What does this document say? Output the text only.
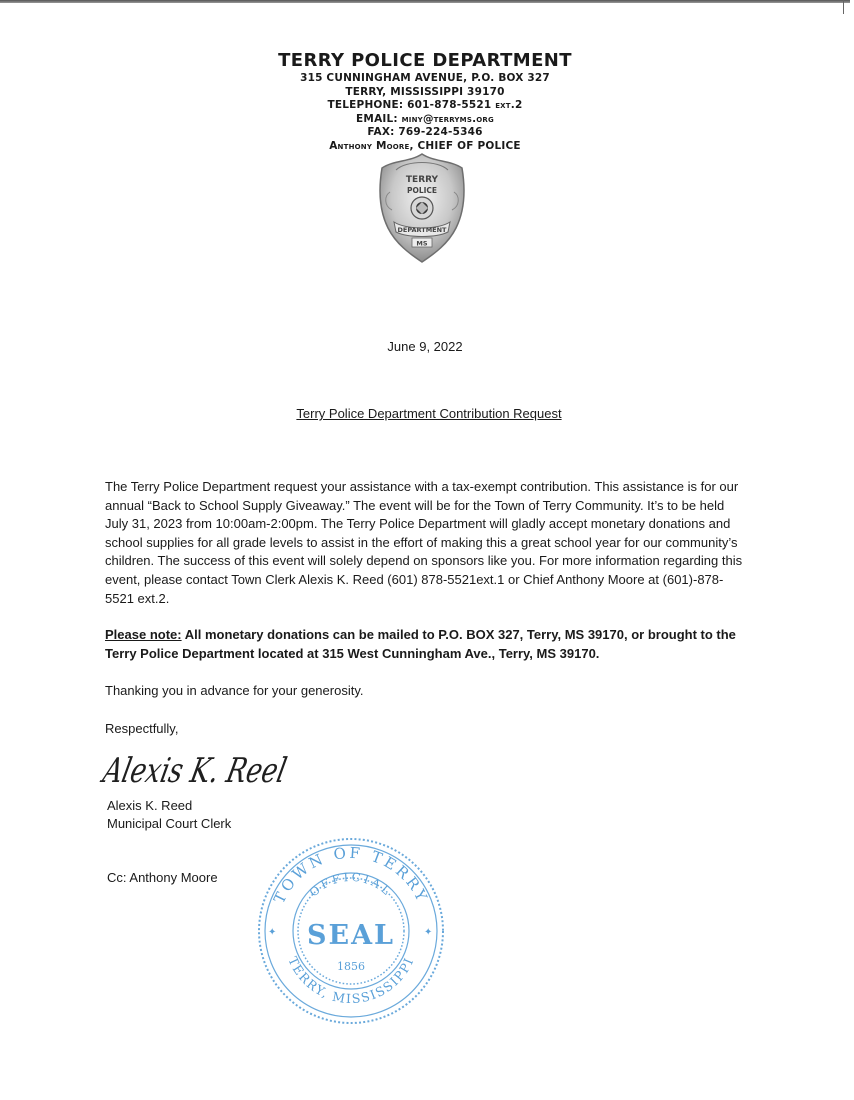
TERRY POLICE DEPARTMENT
315 CUNNINGHAM AVENUE, P.O. BOX 327
TERRY, MISSISSIPPI 39170
TELEPHONE: 601-878-5521 ext.2
EMAIL: miny@terryms.org
FAX: 769-224-5346
Anthony Moore, CHIEF OF POLICE
TERRY
POLICE
DEPARTMENT
MS
June 9, 2022
Terry Police Department Contribution Request
The Terry Police Department request your assistance with a tax-exempt contribution. This assistance is for our annual “Back to School Supply Giveaway.” The event will be for the Town of Terry Community. It’s to be held July 31, 2023 from 10:00am-2:00pm. The Terry Police Department will gladly accept monetary donations and school supplies for all grade levels to assist in the effort of making this a great school year for our community’s children. The success of this event will solely depend on sponsors like you. For more information regarding this event, please contact Town Clerk Alexis K. Reed (601) 878-5521ext.1 or Chief Anthony Moore at (601)-878-5521 ext.2.
Please note: All monetary donations can be mailed to P.O. BOX 327, Terry, MS 39170, or brought to the Terry Police Department located at 315 West Cunningham Ave., Terry, MS 39170.
Thanking you in advance for your generosity.
Respectfully,
Alexis K. Reel
Alexis K. Reed
Municipal Court Clerk
Cc: Anthony Moore
TOWN OF TERRY
TERRY, MISSISSIPPI
OFFICIAL
SEAL
1856
✦	✦
